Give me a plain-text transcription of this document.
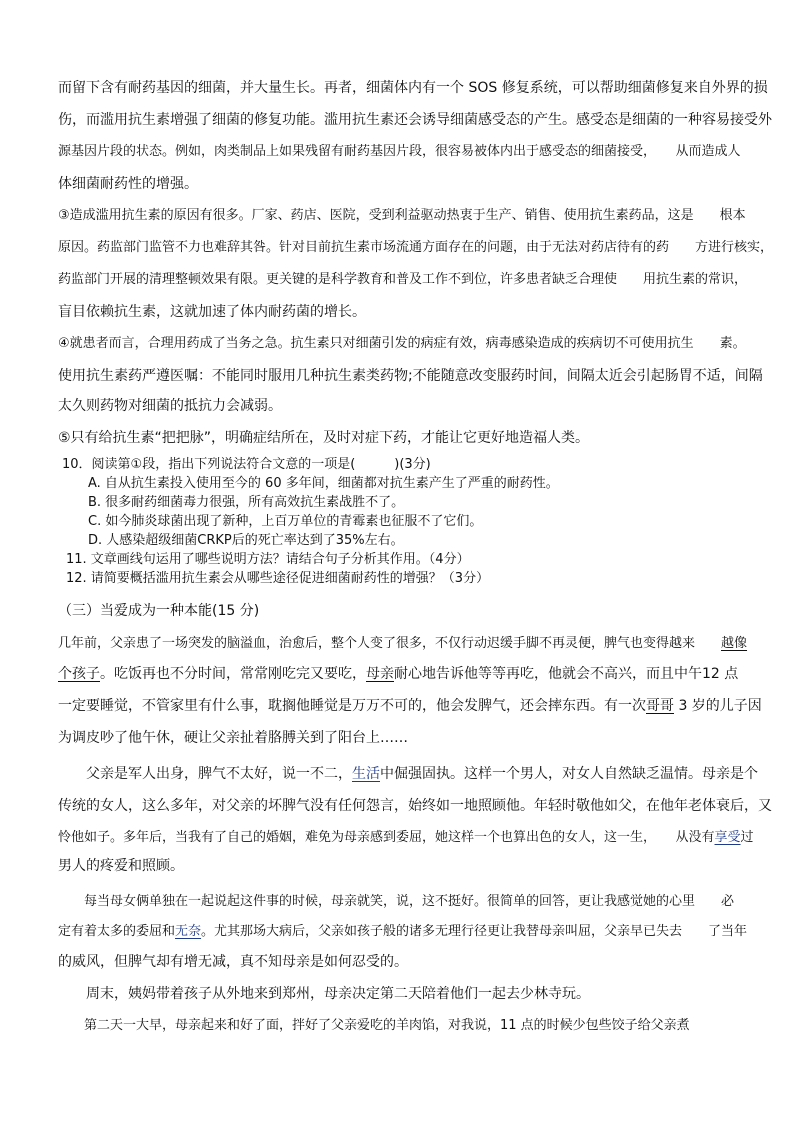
而留下含有耐药基因的细菌，并大量生长。再者，细菌体内有一个 SOS 修复系统，可以帮助细菌修复来自外界的损
伤，而滥用抗生素增强了细菌的修复功能。滥用抗生素还会诱导细菌感受态的产生。感受态是细菌的一种容易接受外
源基因片段的状态。例如，肉类制品上如果残留有耐药基因片段，很容易被体内出于感受态的细菌接受，　　从而造成人
体细菌耐药性的增强。
③造成滥用抗生素的原因有很多。厂家、药店、医院，受到利益驱动热衷于生产、销售、使用抗生素药品，这是　　根本
原因。药监部门监管不力也难辞其咎。针对目前抗生素市场流通方面存在的问题，由于无法对药店待有的药　　方进行核实，
药监部门开展的清理整顿效果有限。更关键的是科学教育和普及工作不到位，许多患者缺乏合理使　　用抗生素的常识，
盲目依赖抗生素，这就加速了体内耐药菌的增长。
④就患者而言，合理用药成了当务之急。抗生素只对细菌引发的病症有效，病毒感染造成的疾病切不可使用抗生　　素。
使用抗生素药严遵医嘱：不能同时服用几种抗生素类药物;不能随意改变服药时间，间隔太近会引起肠胃不适，间隔
太久则药物对细菌的抵抗力会减弱。
⑤只有给抗生素“把把脉”，明确症结所在，及时对症下药，才能让它更好地造福人类。
10．阅读第①段，指出下列说法符合文意的一项是(　　　)(3分)
A. 自从抗生素投入使用至今的 60 多年间，细菌都对抗生素产生了严重的耐药性。
B. 很多耐药细菌毒力很强，所有高效抗生素战胜不了。
C. 如今肺炎球菌出现了新种，上百万单位的青霉素也征服不了它们。
D. 人感染超级细菌CRKP后的死亡率达到了35%左右。
11. 文章画线句运用了哪些说明方法？请结合句子分析其作用。（4分）
12. 请简要概括滥用抗生素会从哪些途径促进细菌耐药性的增强？（3分）
（三）当爱成为一种本能(15 分)
几年前，父亲患了一场突发的脑溢血，治愈后，整个人变了很多，不仅行动迟缓手脚不再灵便，脾气也变得越来　　越像
个孩子。吃饭再也不分时间，常常刚吃完又要吃，母亲耐心地告诉他等等再吃，他就会不高兴，而且中午12 点
一定要睡觉，不管家里有什么事，耽搁他睡觉是万万不可的，他会发脾气，还会摔东西。有一次哥哥 3 岁的儿子因
为调皮吵了他午休，硬让父亲扯着胳膊关到了阳台上……
　　父亲是军人出身，脾气不太好，说一不二，生活中倔强固执。这样一个男人，对女人自然缺乏温情。母亲是个
传统的女人，这么多年，对父亲的坏脾气没有任何怨言，始终如一地照顾他。年轻时敬他如父，在他年老体衰后，又
怜他如子。多年后，当我有了自己的婚姻，难免为母亲感到委屈，她这样一个也算出色的女人，这一生，　　从没有享受过
男人的疼爱和照顾。
　　每当母女俩单独在一起说起这件事的时候，母亲就笑，说，这不挺好。很简单的回答，更让我感觉她的心里　　必
定有着太多的委屈和无奈。尤其那场大病后，父亲如孩子般的诸多无理行径更让我替母亲叫屈，父亲早已失去　　了当年
的威风，但脾气却有增无减，真不知母亲是如何忍受的。
　　周末，姨妈带着孩子从外地来到郑州，母亲决定第二天陪着他们一起去少林寺玩。
　　第二天一大早，母亲起来和好了面，拌好了父亲爱吃的羊肉馅，对我说，11 点的时候少包些饺子给父亲煮
